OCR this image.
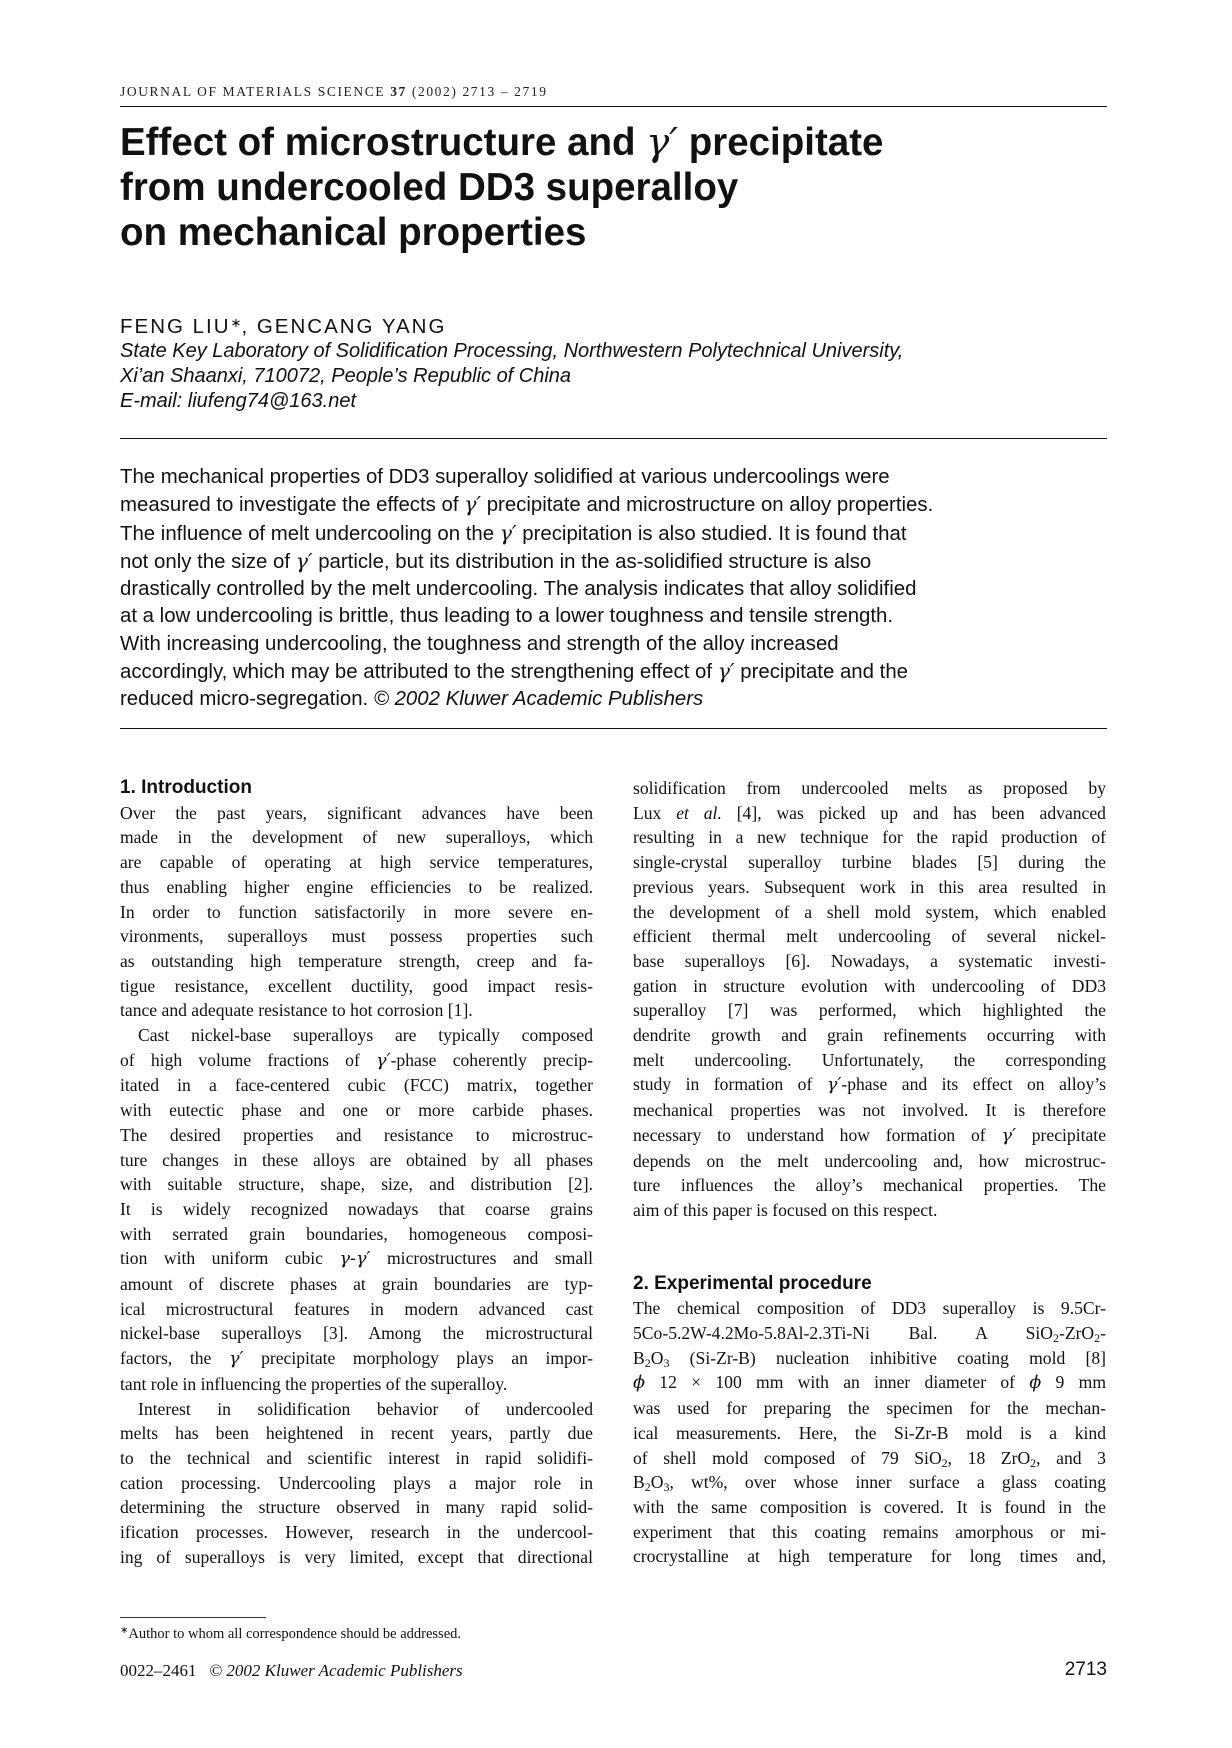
JOURNAL OF MATERIALS SCIENCE 37 (2002) 2713 – 2719
Effect of microstructure and γ′ precipitate
from undercooled DD3 superalloy
on mechanical properties
FENG LIU∗, GENCANG YANG
State Key Laboratory of Solidification Processing, Northwestern Polytechnical University,
Xi’an Shaanxi, 710072, People’s Republic of China
E-mail: liufeng74@163.net
The mechanical properties of DD3 superalloy solidified at various undercoolings were
measured to investigate the effects of γ′ precipitate and microstructure on alloy properties.
The influence of melt undercooling on the γ′ precipitation is also studied. It is found that
not only the size of γ′ particle, but its distribution in the as-solidified structure is also
drastically controlled by the melt undercooling. The analysis indicates that alloy solidified
at a low undercooling is brittle, thus leading to a lower toughness and tensile strength.
With increasing undercooling, the toughness and strength of the alloy increased
accordingly, which may be attributed to the strengthening effect of γ′ precipitate and the
reduced micro-segregation. © 2002 Kluwer Academic Publishers
1. Introduction
Over the past years, significant advances have been
made in the development of new superalloys, which
are capable of operating at high service temperatures,
thus enabling higher engine efficiencies to be realized.
In order to function satisfactorily in more severe en-
vironments, superalloys must possess properties such
as outstanding high temperature strength, creep and fa-
tigue resistance, excellent ductility, good impact resis-
tance and adequate resistance to hot corrosion [1].
Cast nickel-base superalloys are typically composed
of high volume fractions of γ′-phase coherently precip-
itated in a face-centered cubic (FCC) matrix, together
with eutectic phase and one or more carbide phases.
The desired properties and resistance to microstruc-
ture changes in these alloys are obtained by all phases
with suitable structure, shape, size, and distribution [2].
It is widely recognized nowadays that coarse grains
with serrated grain boundaries, homogeneous composi-
tion with uniform cubic γ-γ′ microstructures and small
amount of discrete phases at grain boundaries are typ-
ical microstructural features in modern advanced cast
nickel-base superalloys [3]. Among the microstructural
factors, the γ′ precipitate morphology plays an impor-
tant role in influencing the properties of the superalloy.
Interest in solidification behavior of undercooled
melts has been heightened in recent years, partly due
to the technical and scientific interest in rapid solidifi-
cation processing. Undercooling plays a major role in
determining the structure observed in many rapid solid-
ification processes. However, research in the undercool-
ing of superalloys is very limited, except that directional
solidification from undercooled melts as proposed by
Lux et al. [4], was picked up and has been advanced
resulting in a new technique for the rapid production of
single-crystal superalloy turbine blades [5] during the
previous years. Subsequent work in this area resulted in
the development of a shell mold system, which enabled
efficient thermal melt undercooling of several nickel-
base superalloys [6]. Nowadays, a systematic investi-
gation in structure evolution with undercooling of DD3
superalloy [7] was performed, which highlighted the
dendrite growth and grain refinements occurring with
melt undercooling. Unfortunately, the corresponding
study in formation of γ′-phase and its effect on alloy’s
mechanical properties was not involved. It is therefore
necessary to understand how formation of γ′ precipitate
depends on the melt undercooling and, how microstruc-
ture influences the alloy’s mechanical properties. The
aim of this paper is focused on this respect.
2. Experimental procedure
The chemical composition of DD3 superalloy is 9.5Cr-
5Co-5.2W-4.2Mo-5.8Al-2.3Ti-Ni Bal. A SiO$_2$-ZrO$_2$-
$B_2O_3$ (Si-Zr-B) nucleation inhibitive coating mold [8]
ϕ 12 × 100 mm with an inner diameter of ϕ 9 mm
was used for preparing the specimen for the mechan-
ical measurements. Here, the Si-Zr-B mold is a kind
of shell mold composed of 79 SiO$_2$, 18 ZrO$_2$, and 3
$B_2O_3$, wt%, over whose inner surface a glass coating
with the same composition is covered. It is found in the
experiment that this coating remains amorphous or mi-
crocrystalline at high temperature for long times and,
∗Author to whom all correspondence should be addressed.
0022–2461 © 2002 Kluwer Academic Publishers	2713
